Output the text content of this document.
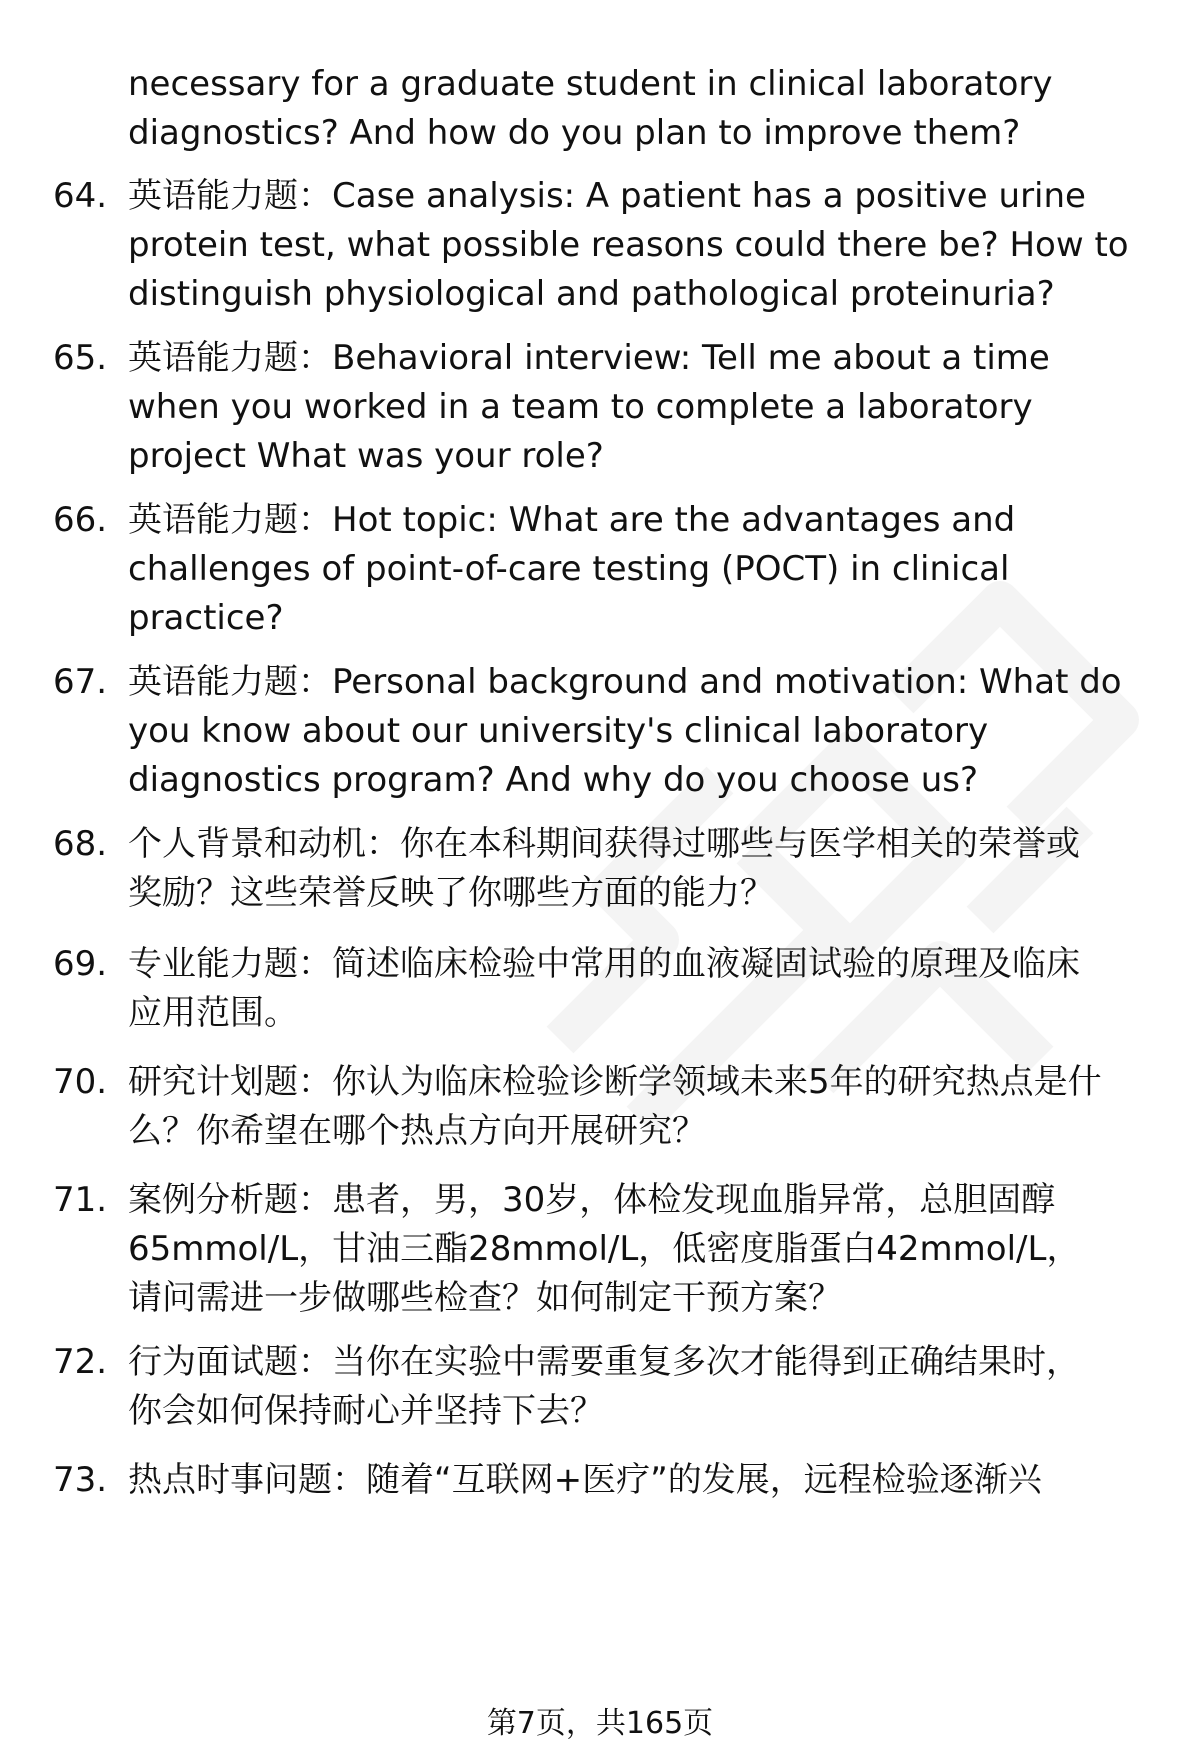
necessary for a graduate student in clinical laboratory
diagnostics? And how do you plan to improve them?
64. 英语能力题：Case analysis: A patient has a positive urine
protein test, what possible reasons could there be? How to
distinguish physiological and pathological proteinuria?
65. 英语能力题：Behavioral interview: Tell me about a time
when you worked in a team to complete a laboratory
project What was your role?
66. 英语能力题：Hot topic: What are the advantages and
challenges of point-of-care testing (POCT) in clinical
practice?
67. 英语能力题：Personal background and motivation: What do
you know about our university's clinical laboratory
diagnostics program? And why do you choose us?
68. 个人背景和动机：你在本科期间获得过哪些与医学相关的荣誉或
奖励？这些荣誉反映了你哪些方面的能力？
69. 专业能力题：简述临床检验中常用的血液凝固试验的原理及临床
应用范围。
70. 研究计划题：你认为临床检验诊断学领域未来5年的研究热点是什
么？你希望在哪个热点方向开展研究？
71. 案例分析题：患者，男，30岁，体检发现血脂异常，总胆固醇
65mmol/L，甘油三酯28mmol/L，低密度脂蛋白42mmol/L，
请问需进一步做哪些检查？如何制定干预方案？
72. 行为面试题：当你在实验中需要重复多次才能得到正确结果时，
你会如何保持耐心并坚持下去？
73. 热点时事问题：随着“互联网+医疗”的发展，远程检验逐渐兴
第7页，共165页
